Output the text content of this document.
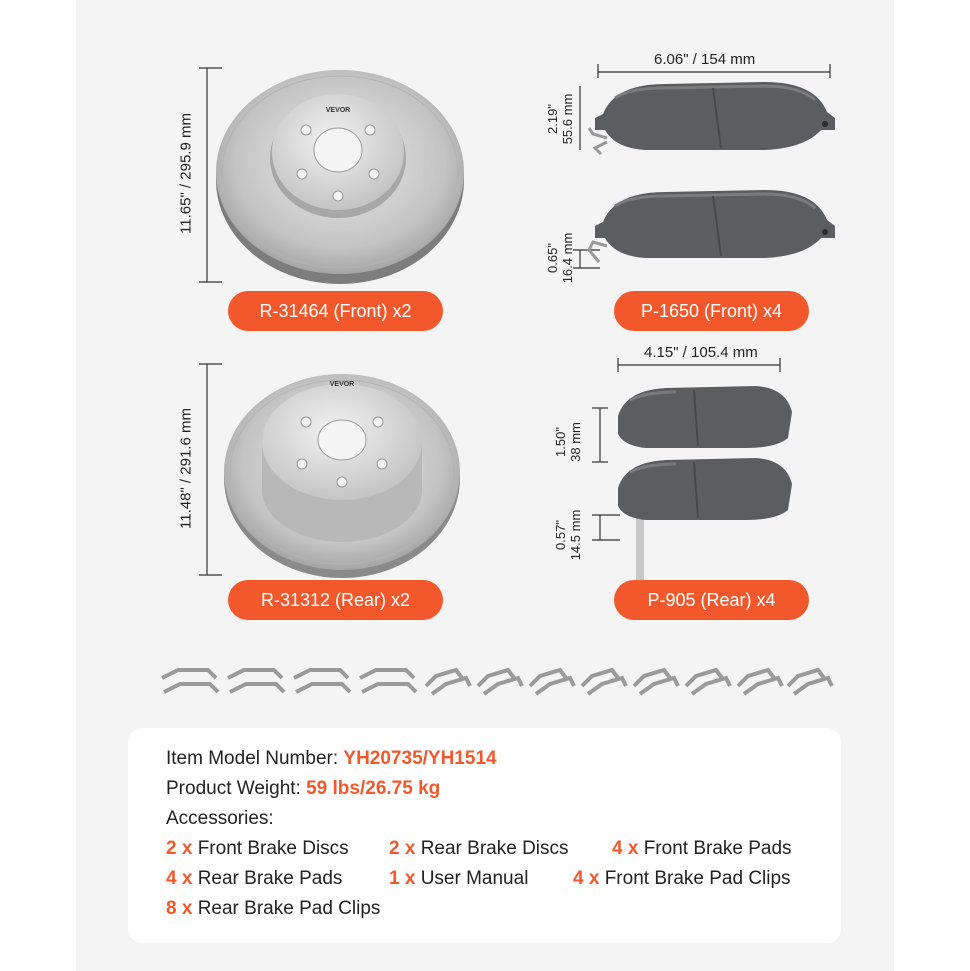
11.65" / 295.9 mm
VEVOR
R-31464 (Front) x2
11.48" / 291.6 mm
VEVOR
R-31312 (Rear) x2
6.06" / 154 mm
2.19" 55.6 mm
0.65" 16.4 mm
P-1650 (Front) x4
4.15" / 105.4 mm
1.50" 38 mm
0.57" 14.5 mm
P-905 (Rear) x4
Item Model Number: YH20735/YH1514
Product Weight: 59 lbs/26.75 kg
Accessories:
2 x Front Brake Discs 2 x Rear Brake Discs 4 x Front Brake Pads
4 x Rear Brake Pads 1 x User Manual 4 x Front Brake Pad Clips
8 x Rear Brake Pad Clips
